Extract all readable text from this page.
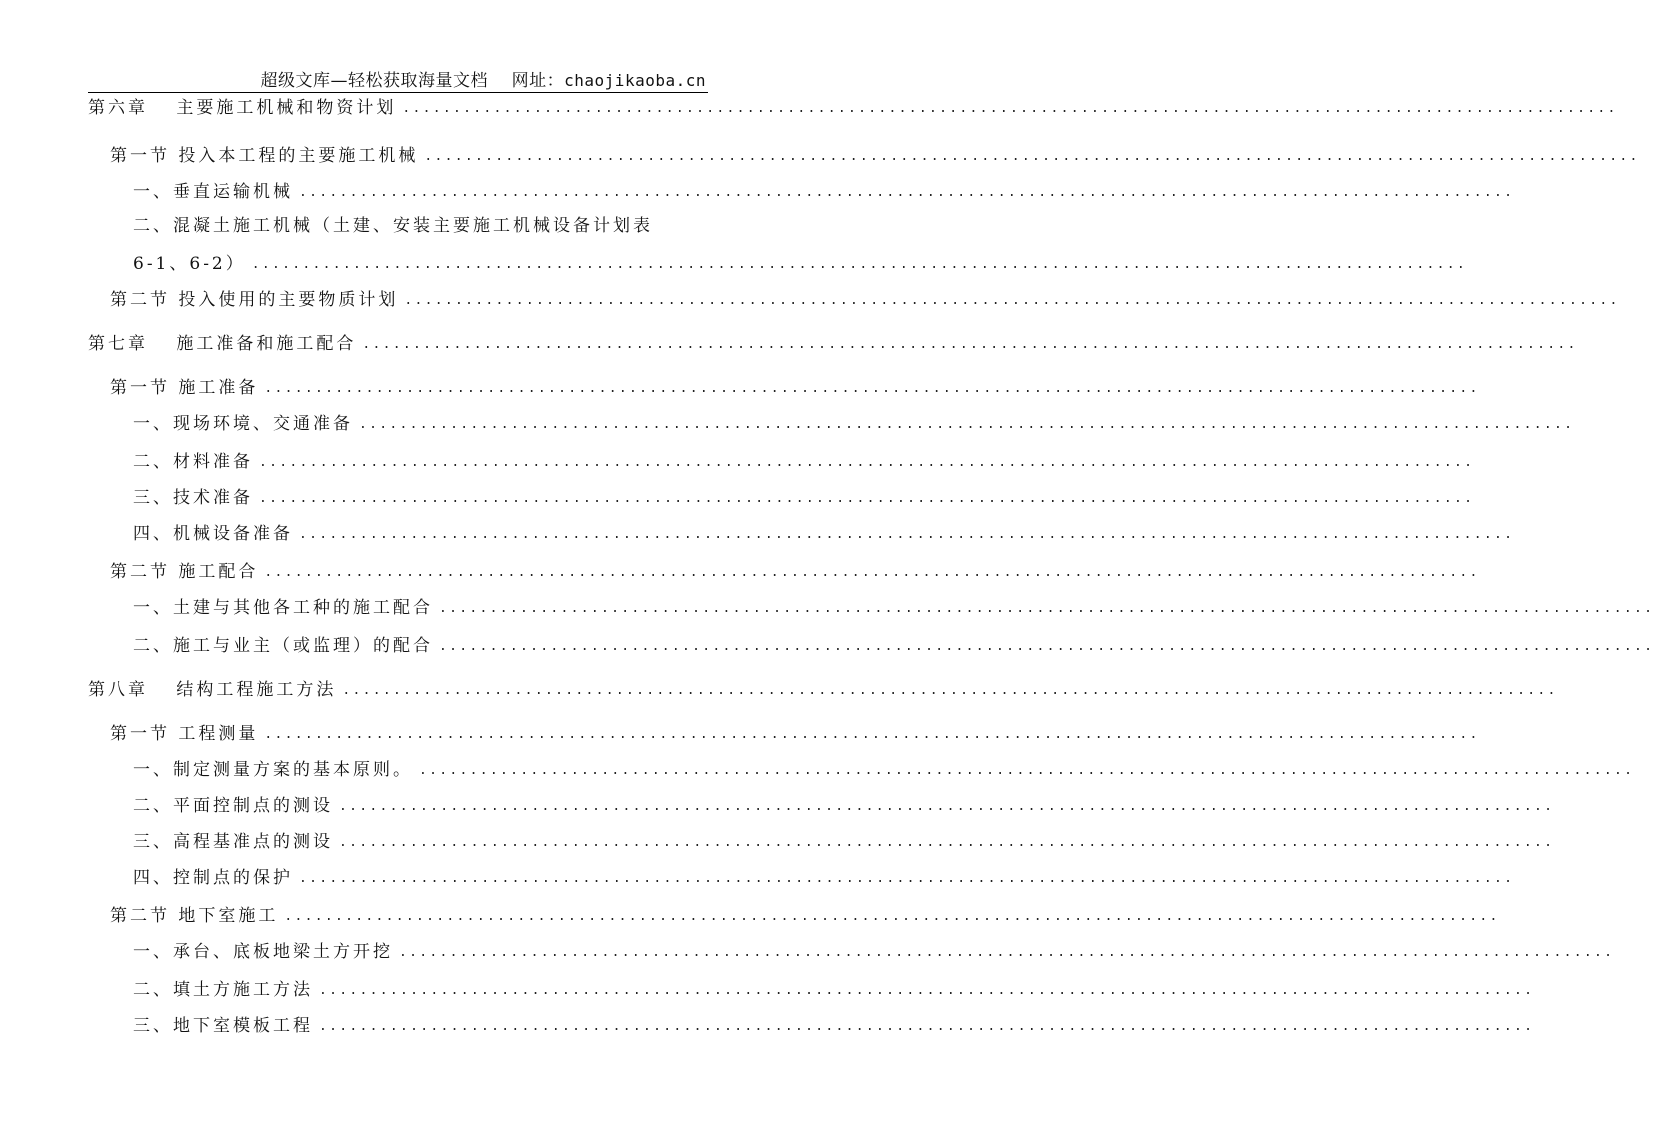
超级文库—轻松获取海量文档 网址：chaojikaoba.cn
第六章　 主要施工机械和物资计划 ........................................................................................................................
第一节 投入本工程的主要施工机械 ........................................................................................................................
一、垂直运输机械 ........................................................................................................................
二、混凝土施工机械（土建、安装主要施工机械设备计划表
6-1、6-2） ........................................................................................................................
第二节 投入使用的主要物质计划 ........................................................................................................................
第七章　 施工准备和施工配合 ........................................................................................................................
第一节 施工准备 ........................................................................................................................
一、现场环境、交通准备 ........................................................................................................................
二、材料准备 ........................................................................................................................
三、技术准备 ........................................................................................................................
四、机械设备准备 ........................................................................................................................
第二节 施工配合 ........................................................................................................................
一、土建与其他各工种的施工配合 ........................................................................................................................
二、施工与业主（或监理）的配合 ........................................................................................................................
第八章　 结构工程施工方法 ........................................................................................................................
第一节 工程测量 ........................................................................................................................
一、制定测量方案的基本原则。 ........................................................................................................................
二、平面控制点的测设 ........................................................................................................................
三、高程基准点的测设 ........................................................................................................................
四、控制点的保护 ........................................................................................................................
第二节 地下室施工 ........................................................................................................................
一、承台、底板地梁土方开挖 ........................................................................................................................
二、填土方施工方法 ........................................................................................................................
三、地下室模板工程 ........................................................................................................................
